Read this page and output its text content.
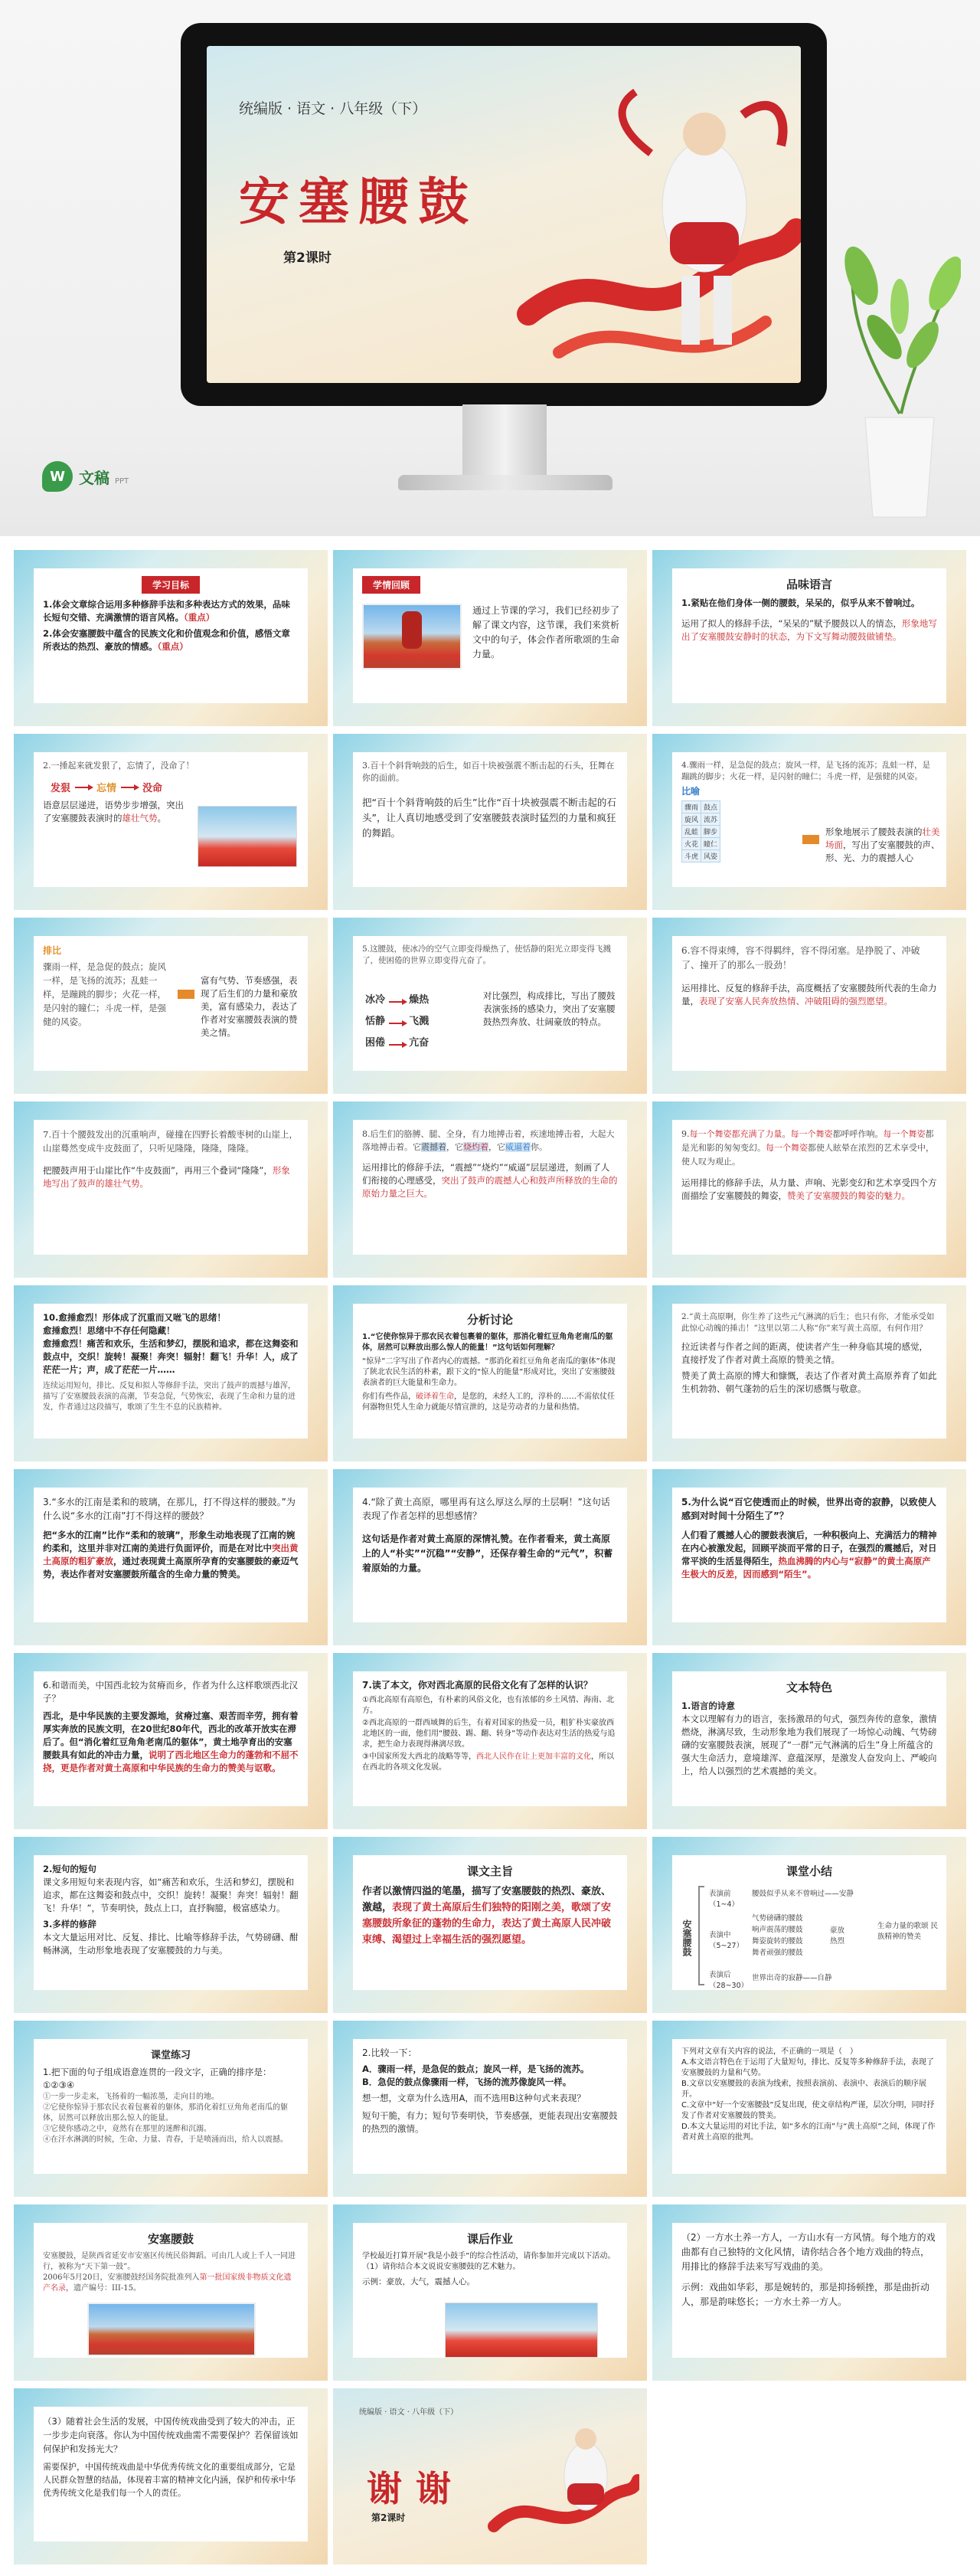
统编版 · 语文 · 八年级（下）
安塞腰鼓
第2课时
W 文稿 PPT
学习目标
1.体会文章综合运用多种修辞手法和多种表达方式的效果，品味长短句交错、充满激情的语言风格。（重点）
2.体会安塞腰鼓中蕴含的民族文化和价值观念和价值，感悟文章所表达的热烈、豪放的情感。（重点）
学情回顾
通过上节课的学习，我们已经初步了解了课文内容，这节课，我们来赏析文中的句子，体会作者所歌颂的生命力量。
品味语言
1.紧贴在他们身体一侧的腰鼓，呆呆的，似乎从来不曾响过。
运用了拟人的修辞手法，“呆呆的”赋予腰鼓以人的情态，形象地写出了安塞腰鼓安静时的状态，为下文写舞动腰鼓做铺垫。
2.一捶起来就发狠了，忘情了，没命了！
发狠	忘情	没命
语意层层递进，语势步步增强，突出了安塞腰鼓表演时的雄壮气势。
3.百十个斜背响鼓的后生，如百十块被强震不断击起的石头，狂舞在你的面前。
把“百十个斜背响鼓的后生”比作“百十块被强震不断击起的石头”，让人真切地感受到了安塞腰鼓表演时猛烈的力量和疯狂的舞蹈。
4.骤雨一样，是急促的鼓点；旋风一样，是飞扬的流苏；乱蛙一样，是蹦跳的脚步；火花一样，是闪射的瞳仁；斗虎一样，是强健的风姿。
比喻
骤雨	鼓点
旋风	流苏
乱蛙	脚步
火花	瞳仁
斗虎	风姿
形象地展示了腰鼓表演的壮美场面，写出了安塞腰鼓的声、形、光、力的震撼人心
排比
骤雨一样，是急促的鼓点；旋风一样，是飞扬的流苏；乱蛙一样，是蹦跳的脚步；火花一样，是闪射的瞳仁；斗虎一样，是强健的风姿。
富有气势、节奏感强，表现了后生们的力量和豪放美，富有感染力，表达了作者对安塞腰鼓表演的赞美之情。
5.这腰鼓，使冰冷的空气立即变得燥热了，使恬静的阳光立即变得飞溅了，使困倦的世界立即变得亢奋了。
冰冷 燥热
恬静 飞溅
困倦 亢奋
对比强烈，构成排比，写出了腰鼓表演张扬的感染力，突出了安塞腰鼓热烈奔放、壮阔豪放的特点。
6.容不得束缚，容不得羁绊，容不得闭塞。是挣脱了、冲破了、撞开了的那么一股劲！
运用排比、反复的修辞手法，高度概括了安塞腰鼓所代表的生命力量，表现了安塞人民奔放热情、冲破阻碍的强烈愿望。
7.百十个腰鼓发出的沉重响声，碰撞在四野长着酸枣树的山崖上，山崖蓦然变成牛皮鼓面了，只听见隆隆，隆隆，隆隆。
把腰鼓声用于山崖比作“牛皮鼓面”，再用三个叠词“隆隆”，形象地写出了鼓声的雄壮气势。
8.后生们的胳膊、腿、全身，有力地搏击着，疾速地搏击着，大起大落地搏击着。它震撼着，它烧灼着，它威逼着你。
运用排比的修辞手法，“震撼”“烧灼”“威逼”层层递进，刻画了人们衔接的心理感受，突出了鼓声的震撼人心和鼓声所释放的生命的原始力量之巨大。
9.每一个舞姿都充满了力量。每一个舞姿都呼呼作响。每一个舞姿都是光和影的匆匆变幻。每一个舞姿都使人眩晕在浓烈的艺术享受中，使人叹为观止。
运用排比的修辞手法，从力量、声响、光影变幻和艺术享受四个方面描绘了安塞腰鼓的舞姿，赞美了安塞腰鼓的舞姿的魅力。
10.愈捶愈烈！形体成了沉重而又咝飞的思绪！
愈捶愈烈！思绪中不存任何隐藏！
愈捶愈烈！痛苦和欢乐，生活和梦幻，摆脱和追求，都在这舞姿和鼓点中，交织！旋转！凝聚！奔突！辐射！翻飞！升华！人，成了茫茫一片；声，成了茫茫一片……
连续运用短句，排比、反复和拟人等修辞手法，突出了鼓声的震撼与雄浑，描写了安塞腰鼓表演的高潮，节奏急促，气势恢宏，表现了生命和力量的迸发，作者通过这段描写，歌颂了生生不息的民族精神。
分析讨论
1.“它使你惊异于那农民衣着包裹着的躯体，那消化着红豆角角老南瓜的躯体，居然可以释放出那么惊人的能量！”这句话如何理解？
“惊异”二字写出了作者内心的震撼。“那消化着红豆角角老南瓜的躯体”体现了陕北农民生活的朴素，跟下文的“惊人的能量”形成对比，突出了安塞腰鼓表演者的巨大能量和生命力。
你们有些作品，破译着生命，是您的，未经人工的，淳朴的……不需依仗任何器物但凭人生命力就能尽情宣泄的，这是劳动者的力量和热情。
2.“黄土高原啊，你生养了这些元气淋漓的后生；也只有你，才能承受如此惊心动魄的捶击！”这里以第二人称“你”来写黄土高原，有何作用？
拉近读者与作者之间的距离，使读者产生一种身临其境的感觉，
直接抒发了作者对黄土高原的赞美之情。
赞美了黄土高原的博大和慷慨，表达了作者对黄土高原养育了如此生机勃勃、朝气蓬勃的后生的深切感慨与敬意。
3.“多水的江南是柔和的玻璃，在那儿，打不得这样的腰鼓。”为什么说“多水的江南”打不得这样的腰鼓？
把“多水的江南”比作“柔和的玻璃”，形象生动地表现了江南的婉约柔和，这里并非对江南的美进行负面评价，而是在对比中突出黄土高原的粗犷豪放，通过表现黄土高原所孕育的安塞腰鼓的豪迈气势，表达作者对安塞腰鼓所蕴含的生命力量的赞美。
4.“除了黄土高原，哪里再有这么厚这么厚的土层啊！”这句话表现了作者怎样的思想感情？
这句话是作者对黄土高原的深情礼赞。在作者看来，黄土高原上的人“朴实”“沉稳”“安静”，还保存着生命的“元气”，积蓄着原始的力量。
5.为什么说“百它使透而止的时候，世界出奇的寂静，以致使人感到对时间十分陌生了”？
人们看了震撼人心的腰鼓表演后，一种积极向上、充满活力的精神在内心被激发起，回顾平淡而平常的日子，在强烈的震撼后，对日常平淡的生活显得陌生，热血沸腾的内心与“寂静”的黄土高原产生极大的反差，因而感到“陌生”。
6.和谐而美，中国西北较为贫瘠而乡，作者为什么这样歌颂西北汉子？
西北，是中华民族的主要发源地，贫瘠过塞、艰苦而辛劳，拥有着厚实奔放的民族文明，在20世纪80年代，西北的改革开放实在滞后了。但“消化着红豆角角老南瓜的躯体”，黄土地孕育出的安塞腰鼓具有如此的冲击力量，说明了西北地区生命力的蓬勃和不屈不挠，更是作者对黄土高原和中华民族的生命力的赞美与讴歌。
7.读了本文，你对西北高原的民俗文化有了怎样的认识？
①西北高原有高原色，有朴素的风俗文化，也有浓郁的乡土风情、海南、北方。
②西北高原的一群西域舞的后生，有着对国家的热爱一员，粗犷朴实豪放西北地区的一面，他们用“腰鼓、踢、翻、转身”等动作表达对生活的热爱与追求，把生命力表现得淋漓尽致。
③中国家所发大西北的战略等等，西北人民作在让上更加丰富的文化，所以在西北的各项文化发展。
文本特色
1.语言的诗意
本文以理解有力的语言，张扬激昂的句式，强烈奔传的意象，激情燃烧，淋漓尽致，生动形象地为我们展现了一场惊心动魄、气势磅礴的安塞腰鼓表演，展现了“一群”元气淋漓的后生”身上所蕴含的强大生命活力，意境雄浑、意蕴深厚，是激发人奋发向上、严峻向上，给人以强烈的艺术震撼的美文。
2.短句的短句
课文多用短句来表现内容，如“痛苦和欢乐，生活和梦幻，摆脱和追求，都在这舞姿和鼓点中，交织！旋转！凝聚！奔突！辐射！翻飞！升华！”，节奏明快，鼓点上口，直抒胸臆，极富感染力。
3.多样的修辞
本文大量运用对比、反复、排比、比喻等修辞手法，气势磅礴、酣畅淋漓，生动形象地表现了安塞腰鼓的力与美。
课文主旨
作者以激情四溢的笔墨，描写了安塞腰鼓的热烈、豪放、激越，表现了黄土高原后生们独特的阳刚之美，歌颂了安塞腰鼓所象征的蓬勃的生命力，表达了黄土高原人民冲破束缚、渴望过上幸福生活的强烈愿望。
课堂小结
安塞腰鼓
表演前（1~4）
腰鼓似乎从来不曾响过——安静
表演中（5~27）
气势磅礴的腰鼓
响声震荡的腰鼓
舞姿旋转的腰鼓
舞者顽强的腰鼓
豪放 热烈
表演后（28~30）
世界出奇的寂静——自静
生命力量的歌颂 民族精神的赞美
课堂练习
1.把下面的句子组成语意连贯的一段文字，正确的排序是：
①②③④
①一步一步走来，飞扬着的一幅浓墨，走向目的地。
②它使你惊异于那农民衣着包裹着的躯体，那消化着红豆角角老南瓜的躯体，居然可以释放出那么惊人的能量。
③它使你感动之中，竟然有在那里的迷醉和沉溺。
④在汗水淋漓的时候，生命、力量、青春，于是喷涌而出，给人以震撼。
2.比较一下：
A．骤雨一样，是急促的鼓点；旋风一样，是飞扬的流苏。
B．急促的鼓点像骤雨一样，飞扬的流苏像旋风一样。
想一想，文章为什么选用A，而不选用B这种句式来表现？
短句干脆，有力；短句节奏明快，节奏感强，更能表现出安塞腰鼓的热烈的激情。
下列对文章有关内容的说法，不正确的一项是（　）
A.本文语言特色在于运用了大量短句，排比、反复等多种修辞手法，表现了安塞腰鼓的力量和气势。
B.文章以安塞腰鼓的表演为线索，按照表演前、表演中、表演后的顺序展开。
C.文章中“好一个安塞腰鼓”反复出现，使文章结构严谨，层次分明，同时抒发了作者对安塞腰鼓的赞美。
D.本文大量运用的对比手法，如“多水的江南”与“黄土高原”之间，体现了作者对黄土高原的批判。
安塞腰鼓
安塞腰鼓，是陕西省延安市安塞区传统民俗舞蹈。可由几人或上千人一同进行，被称为“天下第一鼓”。
2006年5月20日，安塞腰鼓经国务院批准列入第一批国家级非物质文化遗产名录，遗产编号：III-15。
课后作业
学校最近打算开展“我是小鼓手”的综合性活动，请你参加并完成以下活动。
（1）请你结合本文说说安塞腰鼓的艺术魅力。
示例：豪放，大气，震撼人心。
（2）一方水土养一方人，一方山水有一方风情。每个地方的戏曲都有自己独特的文化风情，请你结合各个地方戏曲的特点，用排比的修辞手法来写写戏曲的美。
示例：戏曲如华彩，那是婉转的，那是抑扬顿挫，那是曲折动人，那是韵味悠长；一方水土养一方人。
（3）随着社会生活的发展，中国传统戏曲受到了较大的冲击，正一步步走向衰落。你认为中国传统戏曲需不需要保护？若保留该如何保护和发扬光大？
需要保护，中国传统戏曲是中华优秀传统文化的重要组成部分，它是人民群众智慧的结晶，体现着丰富的精神文化内涵，保护和传承中华优秀传统文化是我们每一个人的责任。
统编版 · 语文 · 八年级（下）
谢谢
第2课时
